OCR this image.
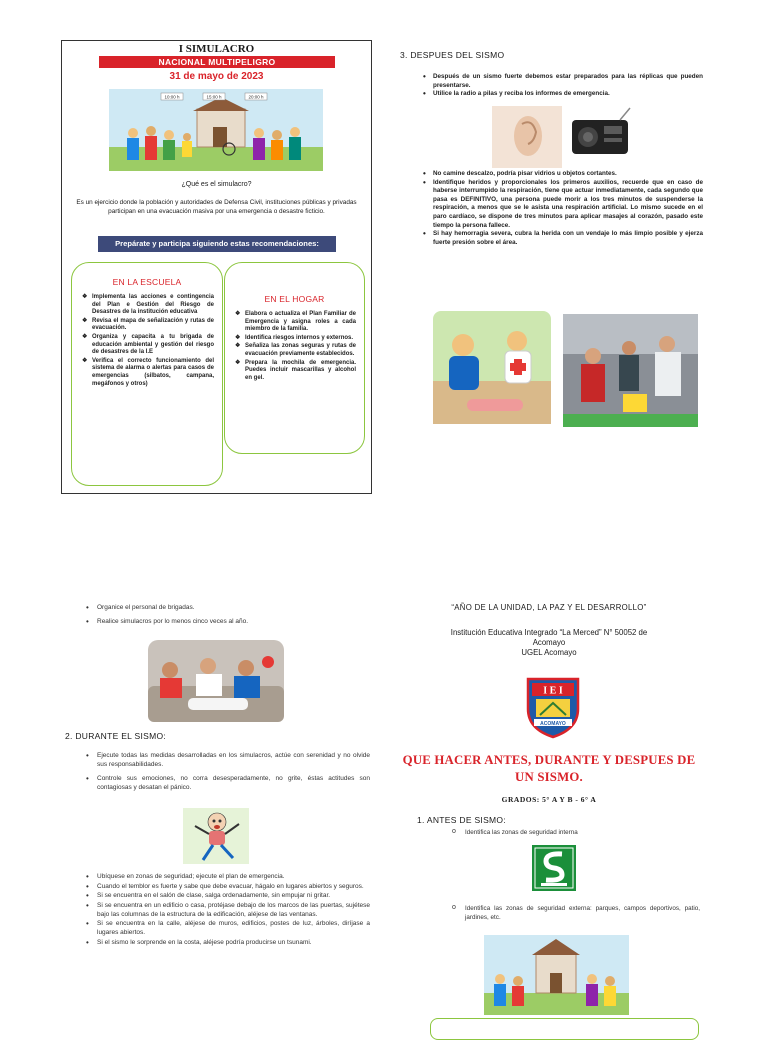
I SIMULACRO
NACIONAL MULTIPELIGRO
31 de mayo de 2023
10:00 h	15:00 h	20:00 h
¿Qué es el simulacro?
Es un ejercicio donde la población y autoridades de Defensa Civil, instituciones públicas y privadas participan en una evacuación masiva por una emergencia o desastre ficticio.
Prepárate y participa siguiendo estas recomendaciones:
EN LA ESCUELA
❖ Implementa las acciones e contingencia del Plan e Gestión del Riesgo de Desastres de la institución educativa
❖ Revisa el mapa de señalización y rutas de evacuación.
❖ Organiza y capacita a tu brigada de educación ambiental y gestión del riesgo de desastres de la I.E
❖ Verifica el correcto funcionamiento del sistema de alarma o alertas para casos de emergencias (silbatos, campana, megáfonos y otros)
EN EL HOGAR
❖ Elabora o actualiza el Plan Familiar de Emergencia y asigna roles a cada miembro de la familia.
❖ Identifica riesgos internos y externos.
❖ Señaliza las zonas seguras y rutas de evacuación previamente establecidos.
❖ Prepara la mochila de emergencia. Puedes incluir mascarillas y alcohol en gel.
3. DESPUES DEL SISMO
• Después de un sismo fuerte debemos estar preparados para las réplicas que pueden presentarse.
• Utilice la radio a pilas y reciba los informes de emergencia.
• No camine descalzo, podría pisar vidrios u objetos cortantes.
• Identifique heridos y proporcionales los primeros auxilios, recuerde que en caso de haberse interrumpido la respiración, tiene que actuar inmediatamente, cada segundo que pasa es DEFINITIVO, una persona puede morir a los tres minutos de suspenderse la respiración, a menos que se le asista una respiración artificial. Lo mismo sucede en el paro cardíaco, se dispone de tres minutos para aplicar masajes al corazón, pasado este tiempo la persona fallece.
• Si hay hemorragia severa, cubra la herida con un vendaje lo más limpio posible y ejerza fuerte presión sobre el área.
• Organice el personal de brigadas.
• Realice simulacros por lo menos cinco veces al año.
2. DURANTE EL SISMO:
• Ejecute todas las medidas desarrolladas en los simulacros, actúe con serenidad y no olvide sus responsabilidades.
• Controle sus emociones, no corra desesperadamente, no grite, éstas actitudes son contagiosas y desatan el pánico.
• Ubíquese en zonas de seguridad; ejecute el plan de emergencia.
• Cuando el temblor es fuerte y sabe que debe evacuar, hágalo en lugares abiertos y seguros.
• Si se encuentra en el salón de clase, salga ordenadamente, sin empujar ni gritar.
• Si se encuentra en un edificio o casa, protéjase debajo de los marcos de las puertas, sujétese bajo las columnas de la estructura de la edificación, aléjese de las ventanas.
• Si se encuentra en la calle, aléjese de muros, edificios, postes de luz, árboles, diríjase a lugares abiertos.
• Si el sismo le sorprende en la costa, aléjese podría producirse un tsunami.
“AÑO DE LA UNIDAD, LA PAZ Y EL DESARROLLO”
Institución Educativa Integrado “La Merced” N° 50052 de
Acomayo
UGEL Acomayo
I E I
ACOMAYO
QUE HACER ANTES, DURANTE Y DESPUES DE UN SISMO.
GRADOS: 5° A Y B - 6° A
1. ANTES DE SISMO:
o Identifica las zonas de seguridad interna
o Identifica las zonas de seguridad externa: parques, campos deportivos, patio, jardines, etc.
